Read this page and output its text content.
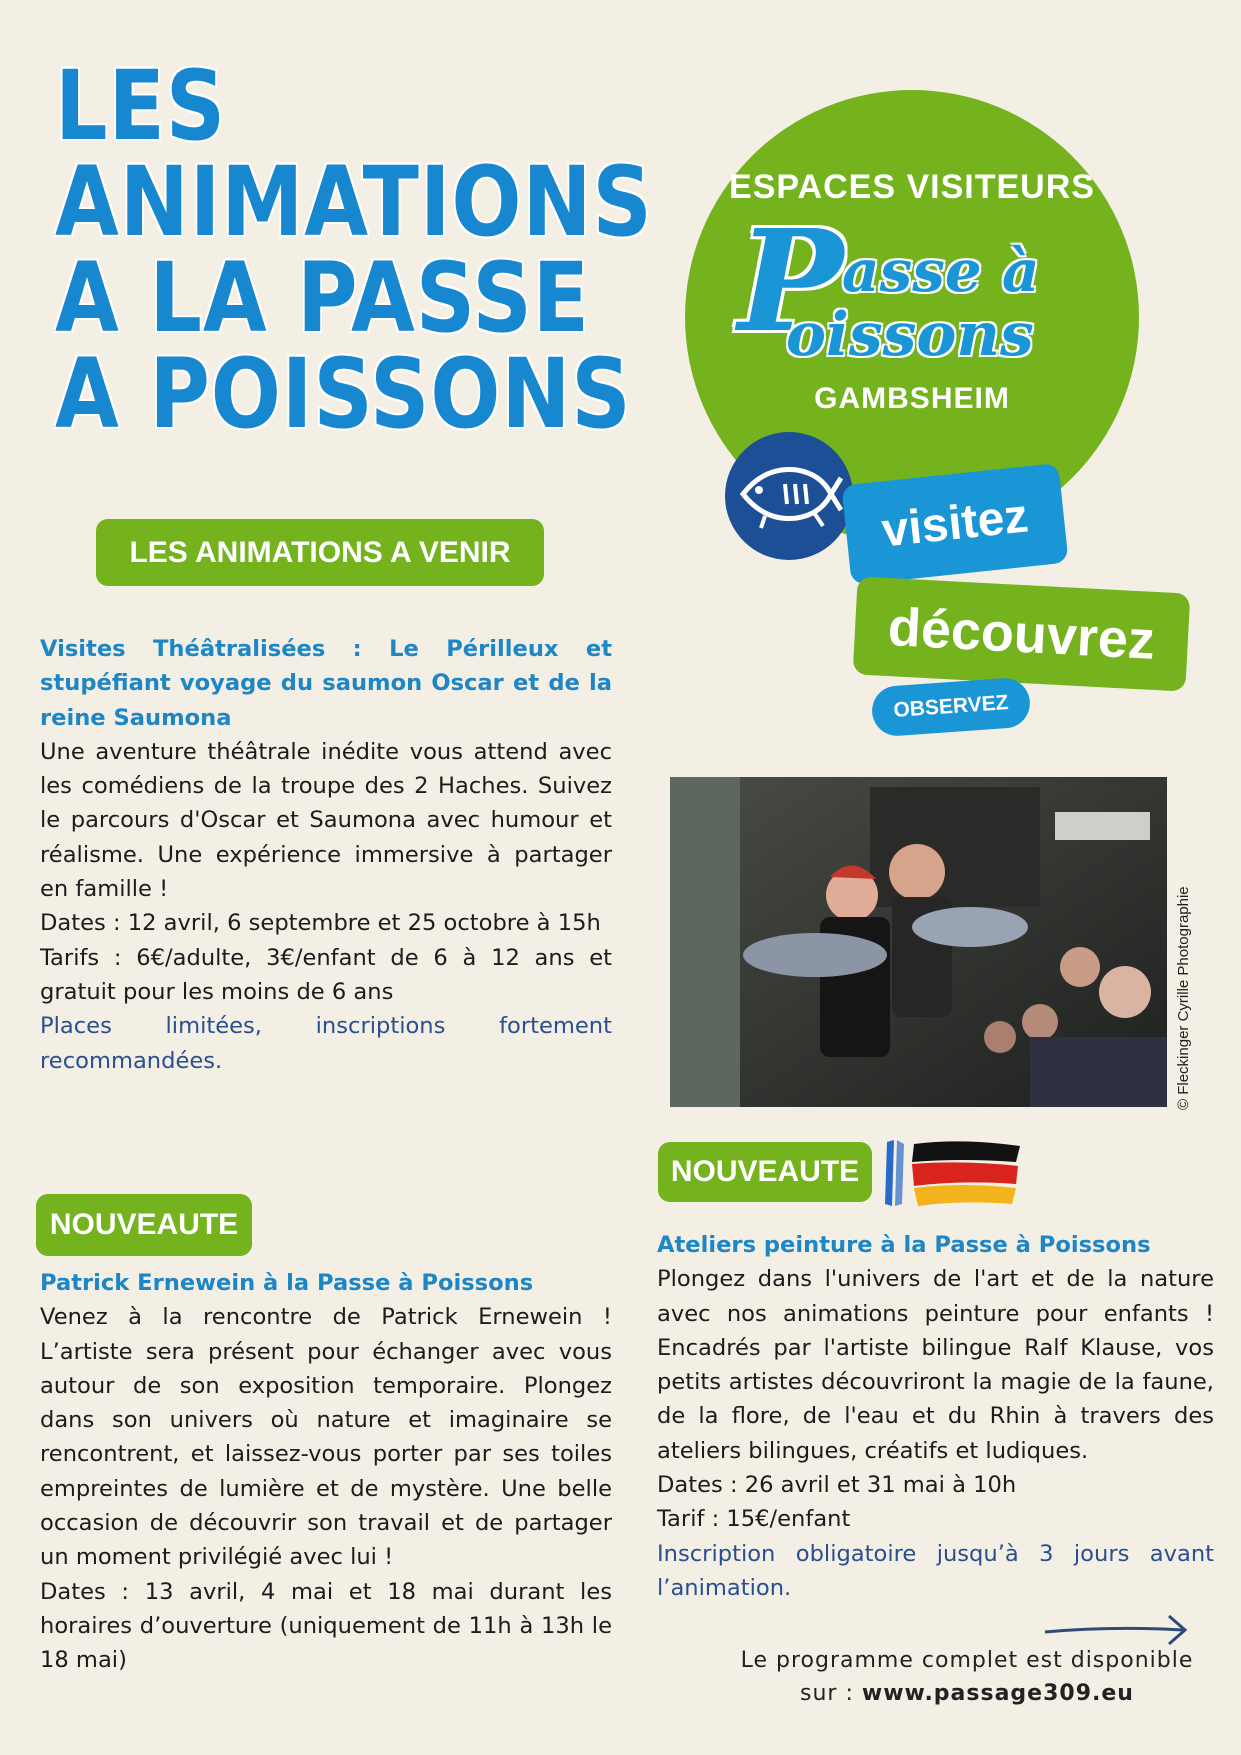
LES
ANIMATIONS
A LA PASSE
A POISSONS
ESPACES VISITEURS
P
asse à
oissons
GAMBSHEIM
visitez
découvrez
OBSERVEZ
LES ANIMATIONS A VENIR

Visites Théâtralisées : Le Périlleux et stupéfiant voyage du saumon Oscar et de la reine Saumona

Une aventure théâtrale inédite vous attend avec les comédiens de la troupe des 2 Haches. Suivez le parcours d'Oscar et Saumona avec humour et réalisme. Une expérience immersive à partager en famille !

Dates : 12 avril, 6 septembre et 25 octobre à 15h

Tarifs : 6€/adulte, 3€/enfant de 6 à 12 ans et gratuit pour les moins de 6 ans

Places limitées, inscriptions fortement recommandées.	© Fleckinger Cyrille Photographie
NOUVEAUTE

Patrick Ernewein à la Passe à Poissons

Venez à la rencontre de Patrick Ernewein ! L’artiste sera présent pour échanger avec vous autour de son exposition temporaire. Plongez dans son univers où nature et imaginaire se rencontrent, et laissez-vous porter par ses toiles empreintes de lumière et de mystère. Une belle occasion de découvrir son travail et de partager un moment privilégié avec lui !

Dates : 13 avril, 4 mai et 18 mai durant les horaires d’ouverture (uniquement de 11h à 13h le 18 mai)

NOUVEAUTE

Ateliers peinture à la Passe à Poissons

Plongez dans l'univers de l'art et de la nature avec nos animations peinture pour enfants ! Encadrés par l'artiste bilingue Ralf Klause, vos petits artistes découvriront la magie de la faune, de la flore, de l'eau et du Rhin à travers des ateliers bilingues, créatifs et ludiques.

Dates : 26 avril et 31 mai à 10h

Tarif : 15€/enfant

Inscription obligatoire jusqu’à 3 jours avant l’animation.

Le programme complet est disponible
sur : www.passage309.eu
